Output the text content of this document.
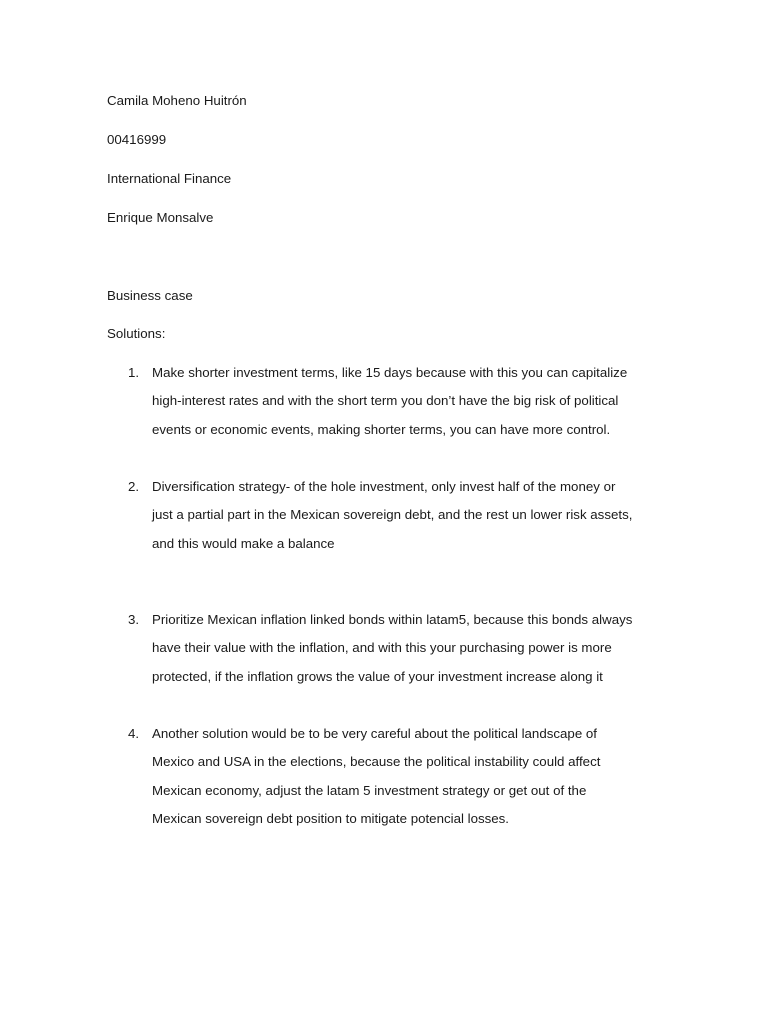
Camila Moheno Huitrón
00416999
International Finance
Enrique Monsalve
Business case
Solutions:
1. Make shorter investment terms, like 15 days because with this you can capitalize
high-interest rates and with the short term you don’t have the big risk of political
events or economic events, making shorter terms, you can have more control.
2. Diversification strategy- of the hole investment, only invest half of the money or
just a partial part in the Mexican sovereign debt, and the rest un lower risk assets,
and this would make a balance
3. Prioritize Mexican inflation linked bonds within latam5, because this bonds always
have their value with the inflation, and with this your purchasing power is more
protected, if the inflation grows the value of your investment increase along it
4. Another solution would be to be very careful about the political landscape of
Mexico and USA in the elections, because the political instability could affect
Mexican economy, adjust the latam 5 investment strategy or get out of the
Mexican sovereign debt position to mitigate potencial losses.
